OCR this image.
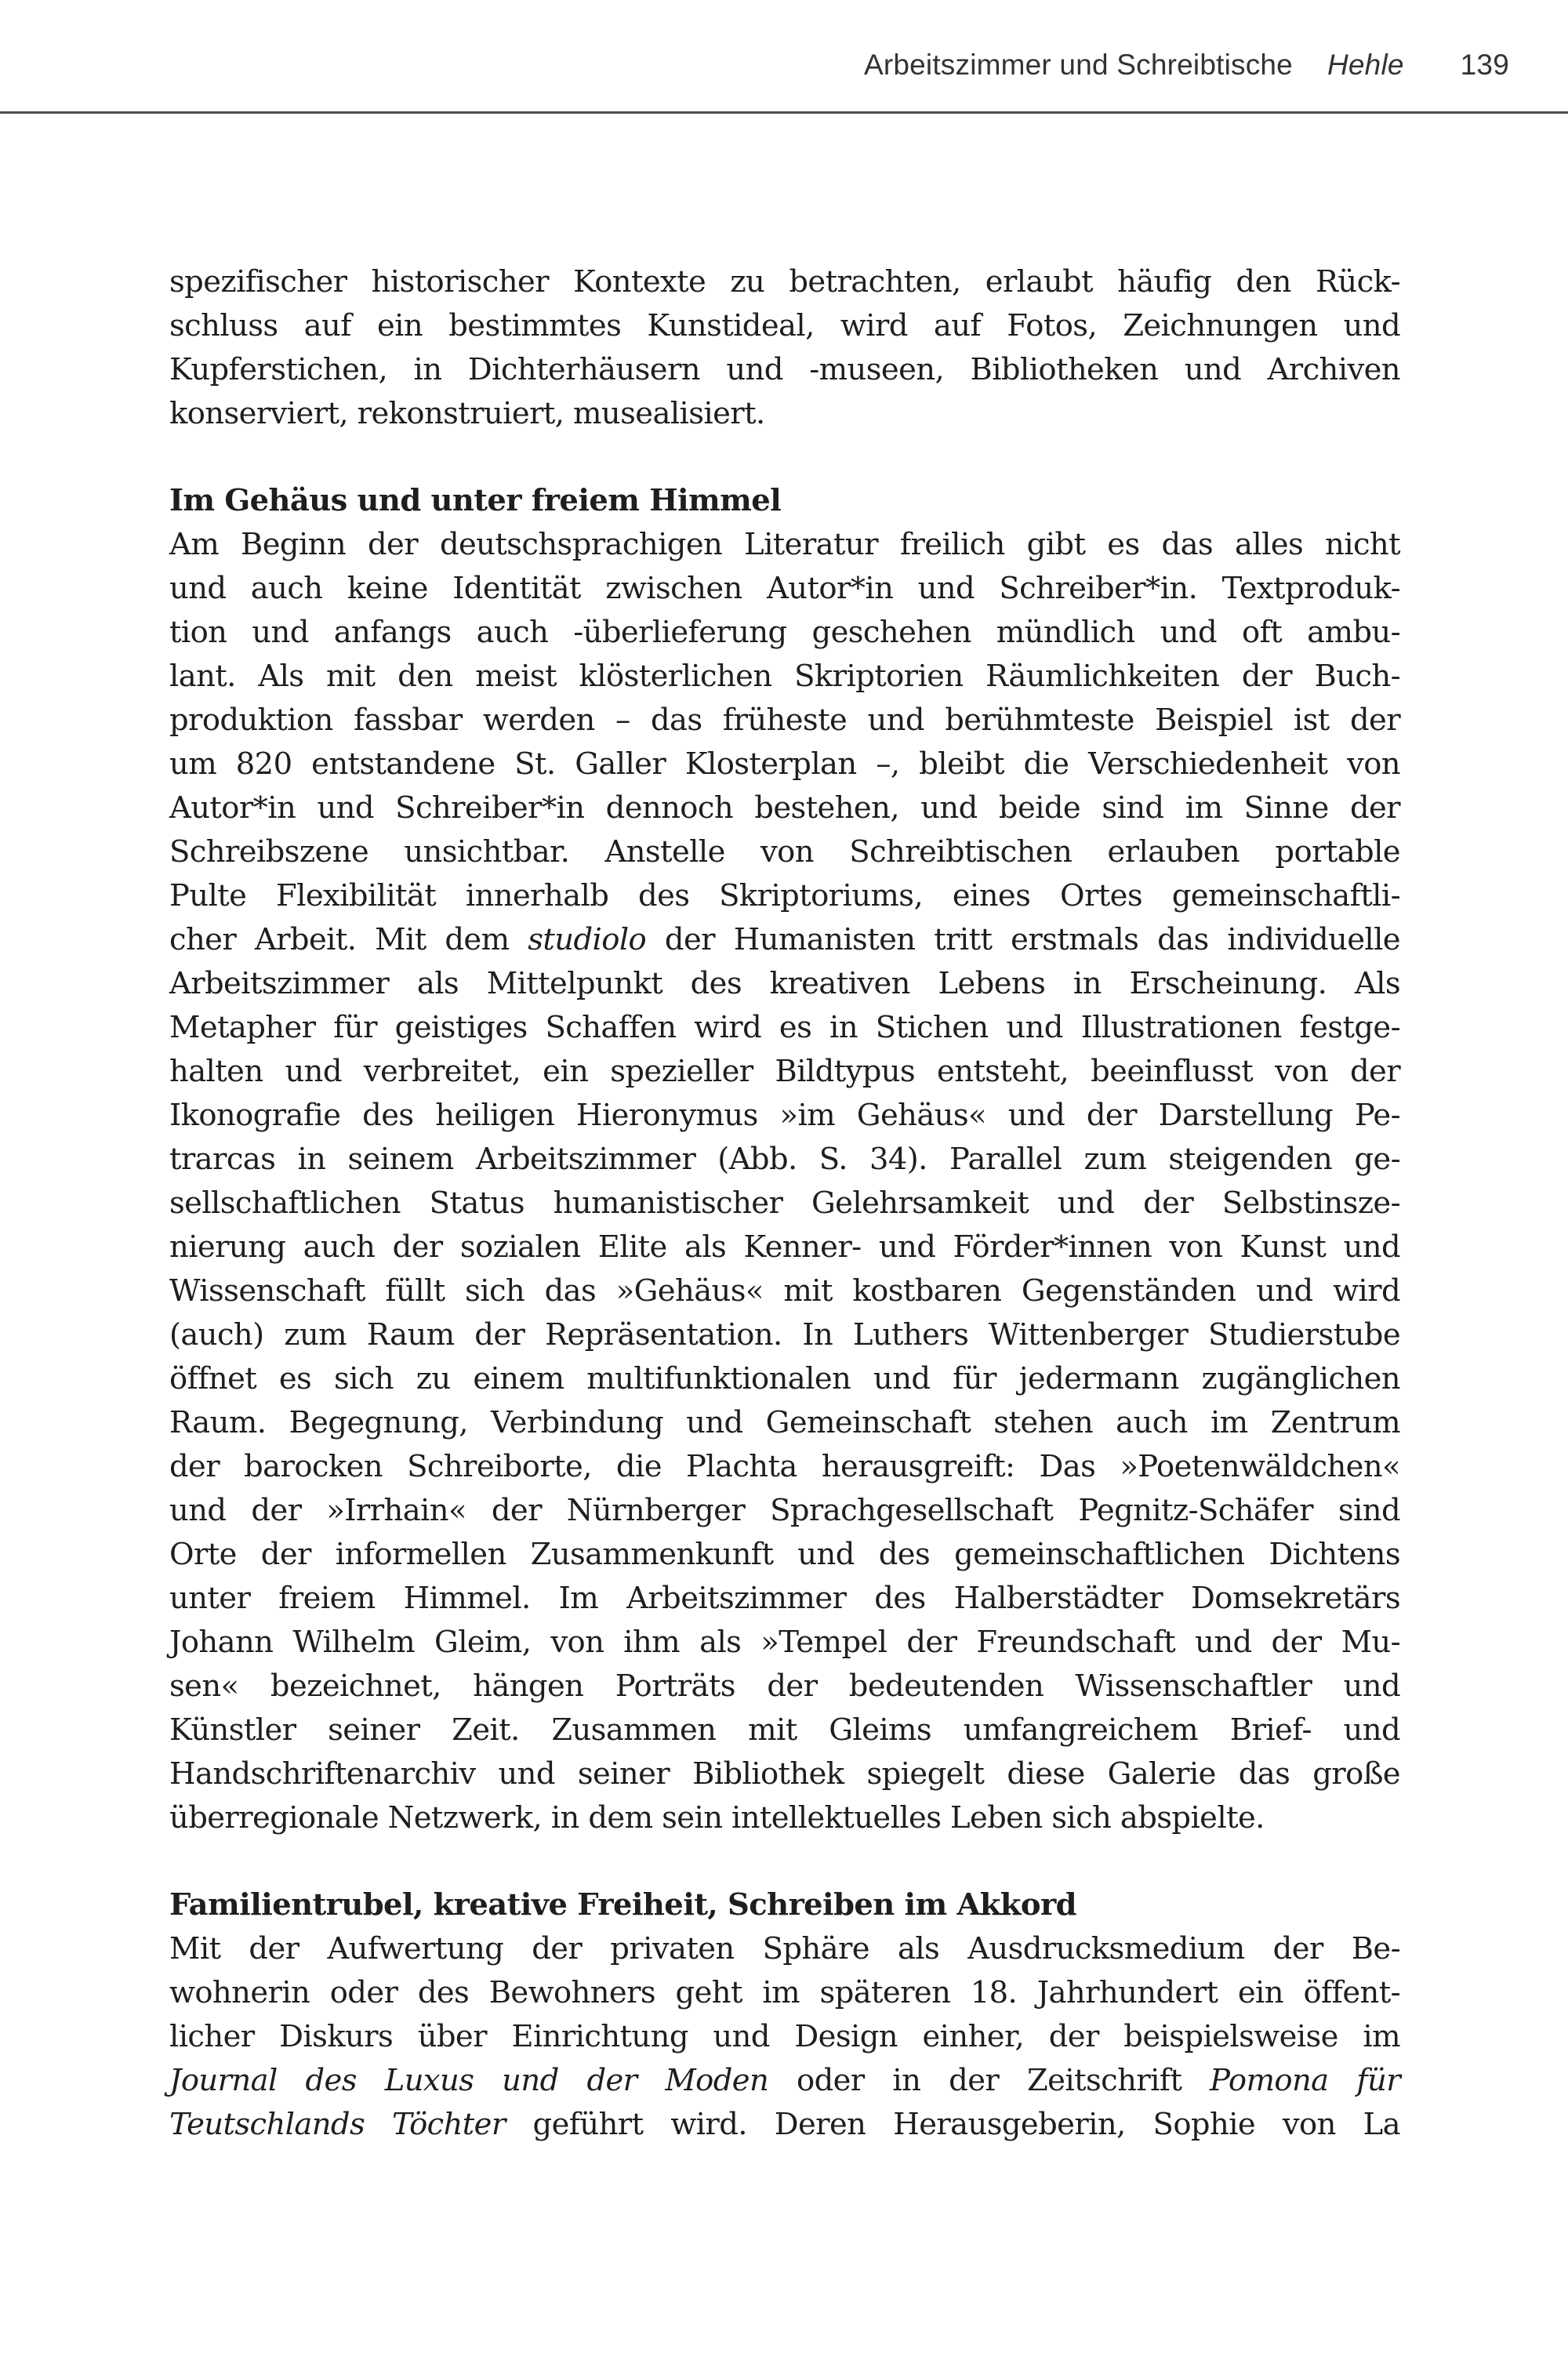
Arbeitszimmer und Schreibtische Hehle 139
spezifischer historischer Kontexte zu betrachten, erlaubt häufig den Rück-
schluss auf ein bestimmtes Kunstideal, wird auf Fotos, Zeichnungen und
Kupferstichen, in Dichterhäusern und -museen, Bibliotheken und Archiven
konserviert, rekonstruiert, musealisiert.
Im Gehäus und unter freiem Himmel
Am Beginn der deutschsprachigen Literatur freilich gibt es das alles nicht
und auch keine Identität zwischen Autor*in und Schreiber*in. Textproduk-
tion und anfangs auch -überlieferung geschehen mündlich und oft ambu-
lant. Als mit den meist klösterlichen Skriptorien Räumlichkeiten der Buch-
produktion fassbar werden – das früheste und berühmteste Beispiel ist der
um 820 entstandene St. Galler Klosterplan –, bleibt die Verschiedenheit von
Autor*in und Schreiber*in dennoch bestehen, und beide sind im Sinne der
Schreibszene unsichtbar. Anstelle von Schreibtischen erlauben portable
Pulte Flexibilität innerhalb des Skriptoriums, eines Ortes gemeinschaftli-
cher Arbeit. Mit dem studiolo der Humanisten tritt erstmals das individuelle
Arbeitszimmer als Mittelpunkt des kreativen Lebens in Erscheinung. Als
Metapher für geistiges Schaffen wird es in Stichen und Illustrationen festge-
halten und verbreitet, ein spezieller Bildtypus entsteht, beeinflusst von der
Ikonografie des heiligen Hieronymus »im Gehäus« und der Darstellung Pe-
trarcas in seinem Arbeitszimmer (Abb. S. 34). Parallel zum steigenden ge-
sellschaftlichen Status humanistischer Gelehrsamkeit und der Selbstinsze-
nierung auch der sozialen Elite als Kenner- und Förder*innen von Kunst und
Wissenschaft füllt sich das »Gehäus« mit kostbaren Gegenständen und wird
(auch) zum Raum der Repräsentation. In Luthers Wittenberger Studierstube
öffnet es sich zu einem multifunktionalen und für jedermann zugänglichen
Raum. Begegnung, Verbindung und Gemeinschaft stehen auch im Zentrum
der barocken Schreiborte, die Plachta herausgreift: Das »Poetenwäldchen«
und der »Irrhain« der Nürnberger Sprachgesellschaft Pegnitz-Schäfer sind
Orte der informellen Zusammenkunft und des gemeinschaftlichen Dichtens
unter freiem Himmel. Im Arbeitszimmer des Halberstädter Domsekretärs
Johann Wilhelm Gleim, von ihm als »Tempel der Freundschaft und der Mu-
sen« bezeichnet, hängen Porträts der bedeutenden Wissenschaftler und
Künstler seiner Zeit. Zusammen mit Gleims umfangreichem Brief- und
Handschriftenarchiv und seiner Bibliothek spiegelt diese Galerie das große
überregionale Netzwerk, in dem sein intellektuelles Leben sich abspielte.
Familientrubel, kreative Freiheit, Schreiben im Akkord
Mit der Aufwertung der privaten Sphäre als Ausdrucksmedium der Be-
wohnerin oder des Bewohners geht im späteren 18. Jahrhundert ein öffent-
licher Diskurs über Einrichtung und Design einher, der beispielsweise im
Journal des Luxus und der Moden oder in der Zeitschrift Pomona für
Teutschlands Töchter geführt wird. Deren Herausgeberin, Sophie von La
